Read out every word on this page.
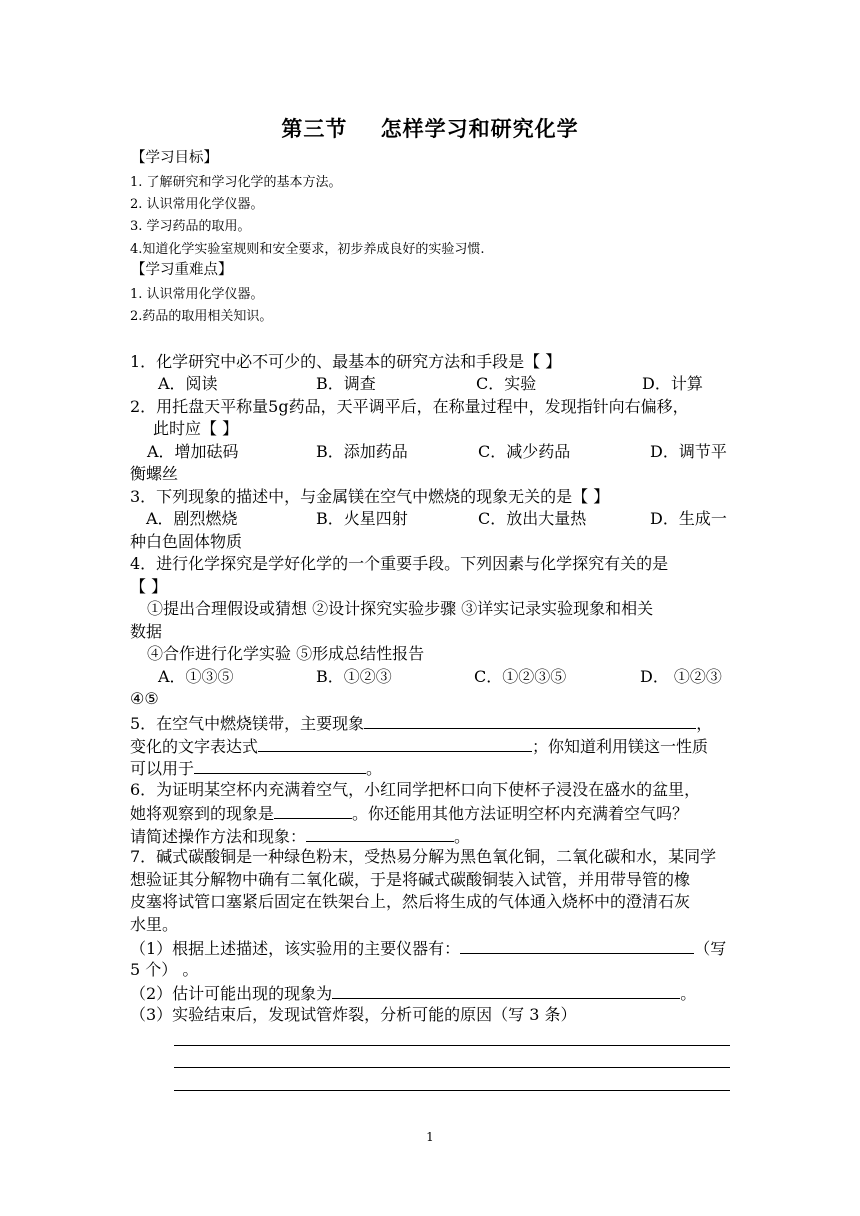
第三节    怎样学习和研究化学
【学习目标】
1. 了解研究和学习化学的基本方法。
2. 认识常用化学仪器。
3. 学习药品的取用。
4.知道化学实验室规则和安全要求，初步养成良好的实验习惯.
【学习重难点】
1. 认识常用化学仪器。
2.药品的取用相关知识。
1．化学研究中必不可少的、最基本的研究方法和手段是【 】
A．阅读	B．调查	C．实验	D．计算
2．用托盘天平称量5g药品，天平调平后，在称量过程中，发现指针向右偏移，
此时应【 】
A．增加砝码	B．添加药品	C．减少药品	D．调节平
衡螺丝
3．下列现象的描述中，与金属镁在空气中燃烧的现象无关的是【 】
A．剧烈燃烧	B．火星四射	C．放出大量热	D．生成一
种白色固体物质
4．进行化学探究是学好化学的一个重要手段。下列因素与化学探究有关的是
【 】
①提出合理假设或猜想 ②设计探究实验步骤 ③详实记录实验现象和相关
数据
④合作进行化学实验 ⑤形成总结性报告
A．①③⑤	B．①②③	C．①②③⑤	D． ①②③
④⑤
5．在空气中燃烧镁带，主要现象	，
变化的文字表达式	；你知道利用镁这一性质
可以用于	。
6．为证明某空杯内充满着空气，小红同学把杯口向下使杯子浸没在盛水的盆里，
她将观察到的现象是	。你还能用其他方法证明空杯内充满着空气吗？
请简述操作方法和现象：	。
7．碱式碳酸铜是一种绿色粉末，受热易分解为黑色氧化铜，二氧化碳和水，某同学
想验证其分解物中确有二氧化碳，于是将碱式碳酸铜装入试管，并用带导管的橡
皮塞将试管口塞紧后固定在铁架台上，然后将生成的气体通入烧杯中的澄清石灰
水里。
（1）根据上述描述，该实验用的主要仪器有：	（写
5 个） 。
（2）估计可能出现的现象为	。
（3）实验结束后，发现试管炸裂，分析可能的原因（写 3 条）
1
